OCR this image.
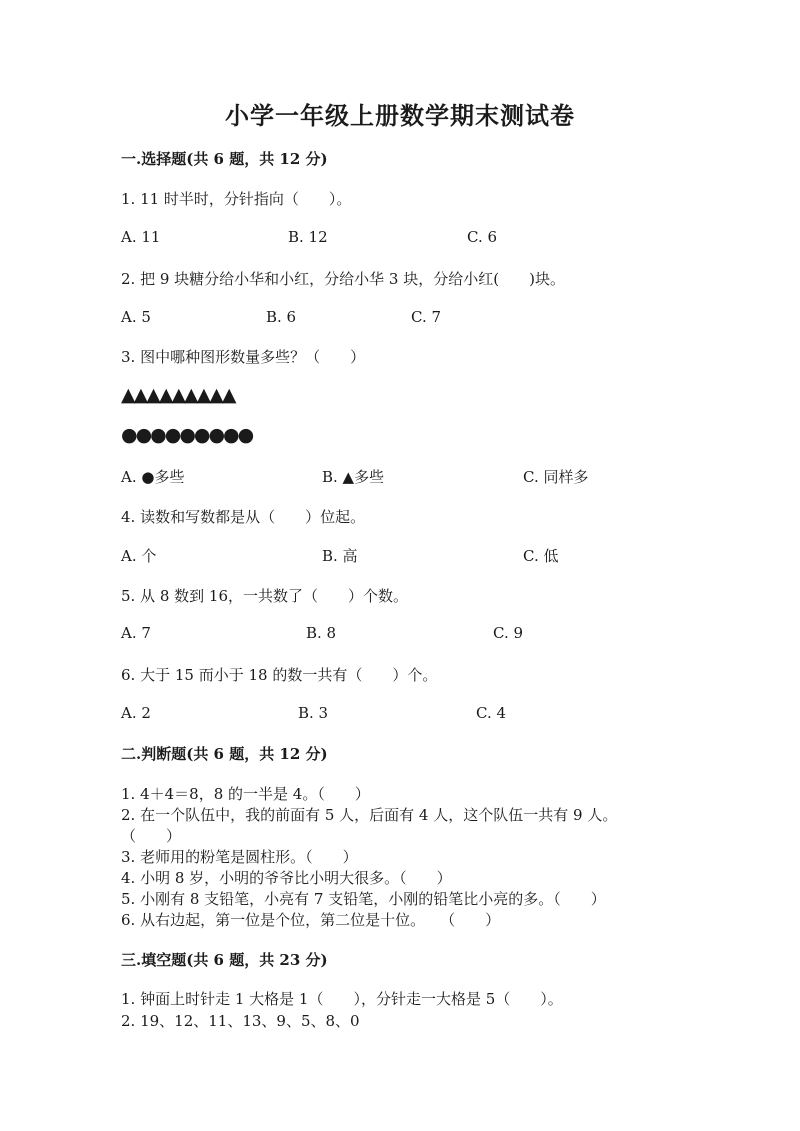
小学一年级上册数学期末测试卷
一.选择题(共 6 题，共 12 分)
1. 11 时半时，分针指向（　　）。
A. 11	B. 12	C. 6
2. 把 9 块糖分给小华和小红，分给小华 3 块，分给小红(　　)块。
A. 5	B. 6	C. 7
3. 图中哪种图形数量多些？（　　）
▲▲▲▲▲▲▲▲▲
●●●●●●●●●
A. ●多些	B. ▲多些	C. 同样多
4. 读数和写数都是从（　　）位起。
A. 个	B. 高	C. 低
5. 从 8 数到 16，一共数了（　　）个数。
A. 7	B. 8	C. 9
6. 大于 15 而小于 18 的数一共有（　　）个。
A. 2	B. 3	C. 4
二.判断题(共 6 题，共 12 分)
1. 4＋4＝8，8 的一半是 4。（　　）
2. 在一个队伍中，我的前面有 5 人，后面有 4 人，这个队伍一共有 9 人。
（　　）
3. 老师用的粉笔是圆柱形。（　　）
4. 小明 8 岁，小明的爷爷比小明大很多。（　　）
5. 小刚有 8 支铅笔，小亮有 7 支铅笔，小刚的铅笔比小亮的多。（　　）
6. 从右边起，第一位是个位，第二位是十位。　　（　　）
三.填空题(共 6 题，共 23 分)
1. 钟面上时针走 1 大格是 1（　　），分针走一大格是 5（　　）。
2. 19、12、11、13、9、5、8、0
